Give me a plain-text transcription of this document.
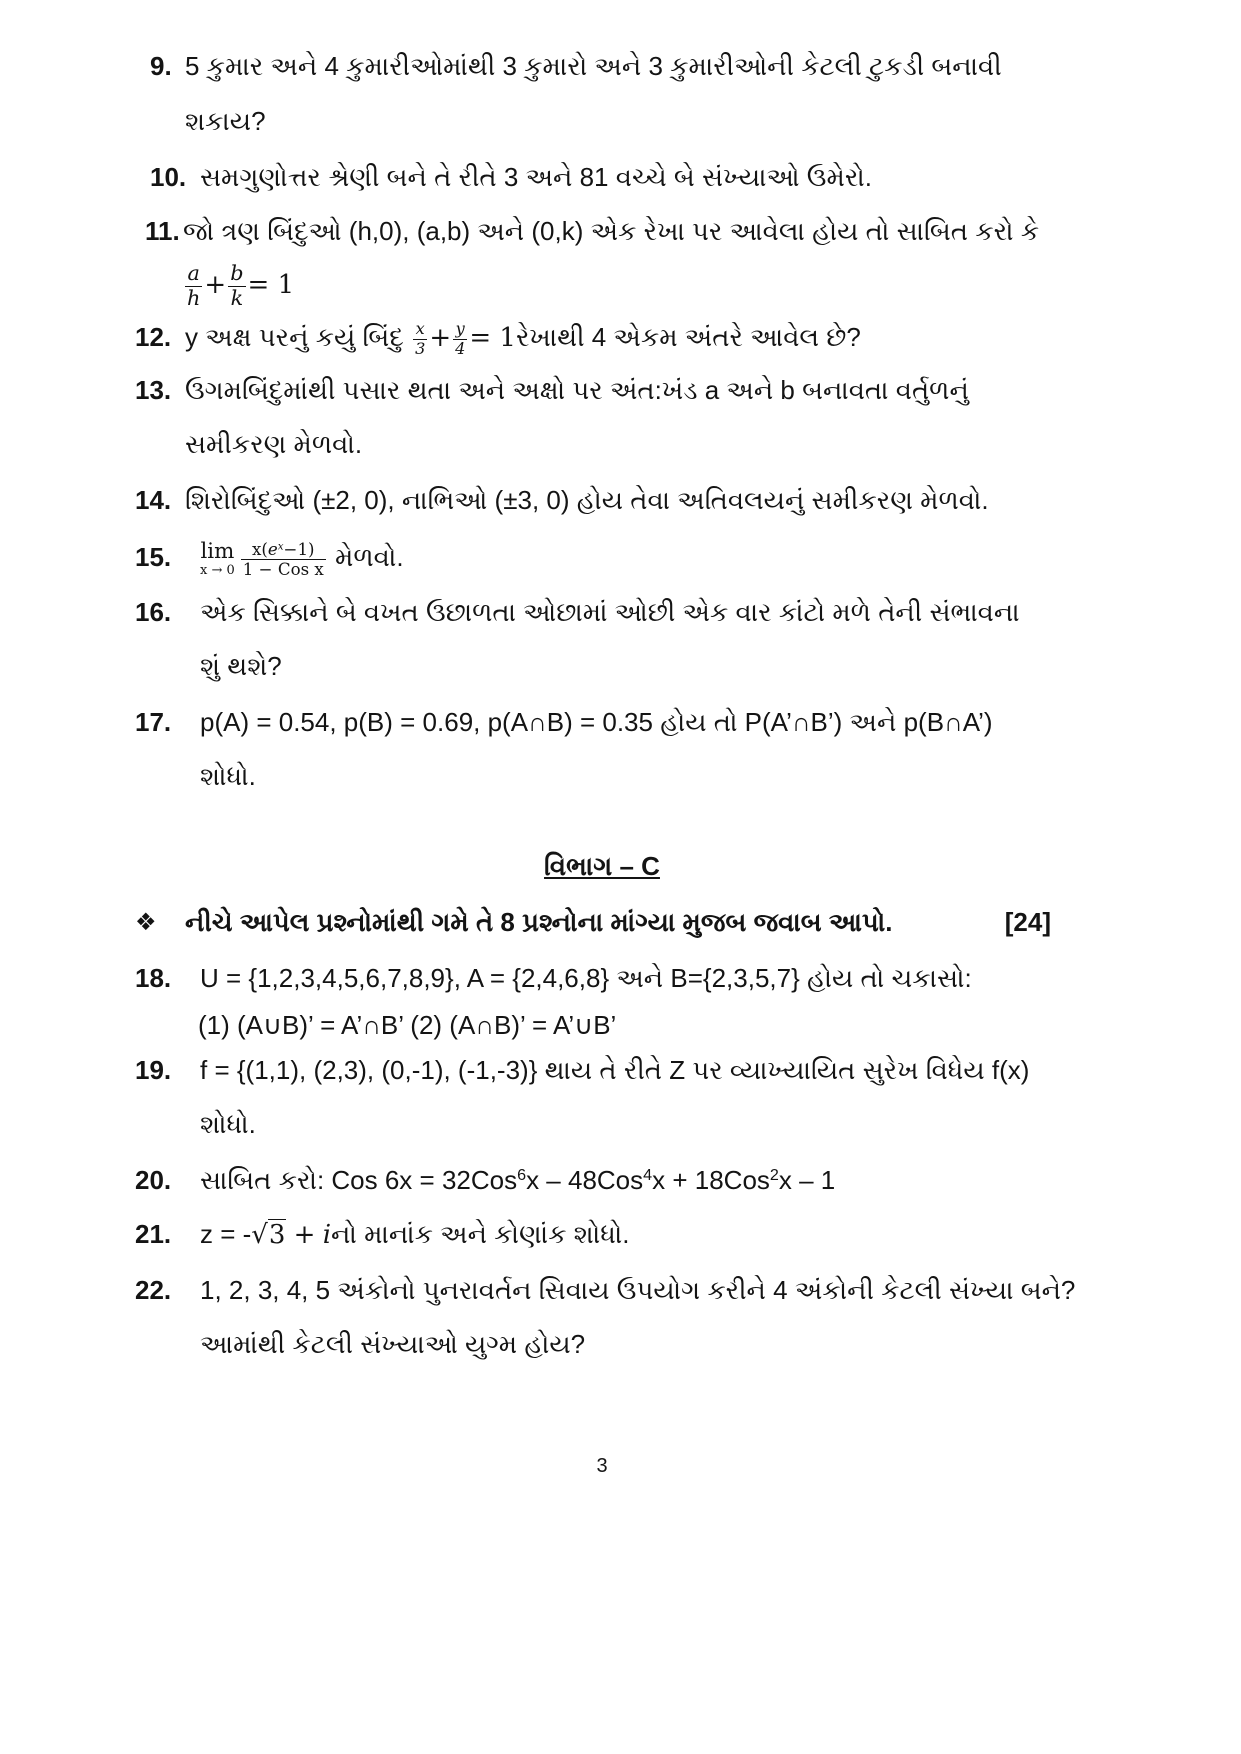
9. 5 કુમાર અને 4 કુમારીઓમાંથી 3 કુમારો અને 3 કુમારીઓની કેટલી ટુકડી બનાવી
શકાય?
10. સમગુણોત્તર શ્રેણી બને તે રીતે 3 અને 81 વચ્ચે બે સંખ્યાઓ ઉમેરો.
11. જો ત્રણ બિંદુઓ (h,0), (a,b) અને (0,k) એક રેખા પર આવેલા હોય તો સાબિત કરો કે
$\frac{a}{h} + \frac{b}{k} = 1$
12. y અક્ષ પરનું કયું બિંદુ $\frac{x}{3} + \frac{y}{4}$ = 1રેખાથી 4 એકમ અંતરે આવેલ છે?
13. ઉગમબિંદુમાંથી પસાર થતા અને અક્ષો પર અંત:ખંડ a અને b બનાવતા વર્તુળનું
સમીકરણ મેળવો.
14. શિરોબિંદુઓ (±2, 0), નાભિઓ (±3, 0) હોય તેવા અતિવલયનું સમીકરણ મેળવો.
15. lim
$x \to 0 \frac{x(e^x-1)}{\text{1 − Cos x}}$ મેળવો.
16. એક સિક્કાને બે વખત ઉછાળતા ઓછામાં ઓછી એક વાર કાંટો મળે તેની સંભાવના
શું થશે?
17. p(A) = 0.54, p(B) = 0.69, p(A∩B) = 0.35 હોય તો P(A’∩B’) અને p(B∩A’)
શોધો.
વિભાગ – C
❖
નીચે આપેલ પ્રશ્નોમાંથી ગમે તે 8 પ્રશ્નોના માંગ્યા મુજબ જવાબ આપો.	[24]
18. U = {1,2,3,4,5,6,7,8,9}, A = {2,4,6,8} અને B={2,3,5,7} હોય તો ચકાસો:
(1) (A∪B)’ = A’∩B’ (2) (A∩B)’ = A’∪B’
19. f = {(1,1), (2,3), (0,-1), (-1,-3)} થાય તે રીતે Z પર વ્યાખ્યાયિત સુરેખ વિધેય f(x)
શોધો.
20. સાબિત કરો: Cos 6x = 32Cos$^6$x – 48Cos$^4$x + 18Cos$^2$x – 1
21. z = -√3 + iનો માનાંક અને કોણાંક શોધો.
22. 1, 2, 3, 4, 5 અંકોનો પુનરાવર્તન સિવાય ઉપયોગ કરીને 4 અંકોની કેટલી સંખ્યા બને?
આમાંથી કેટલી સંખ્યાઓ યુગ્મ હોય?
3
